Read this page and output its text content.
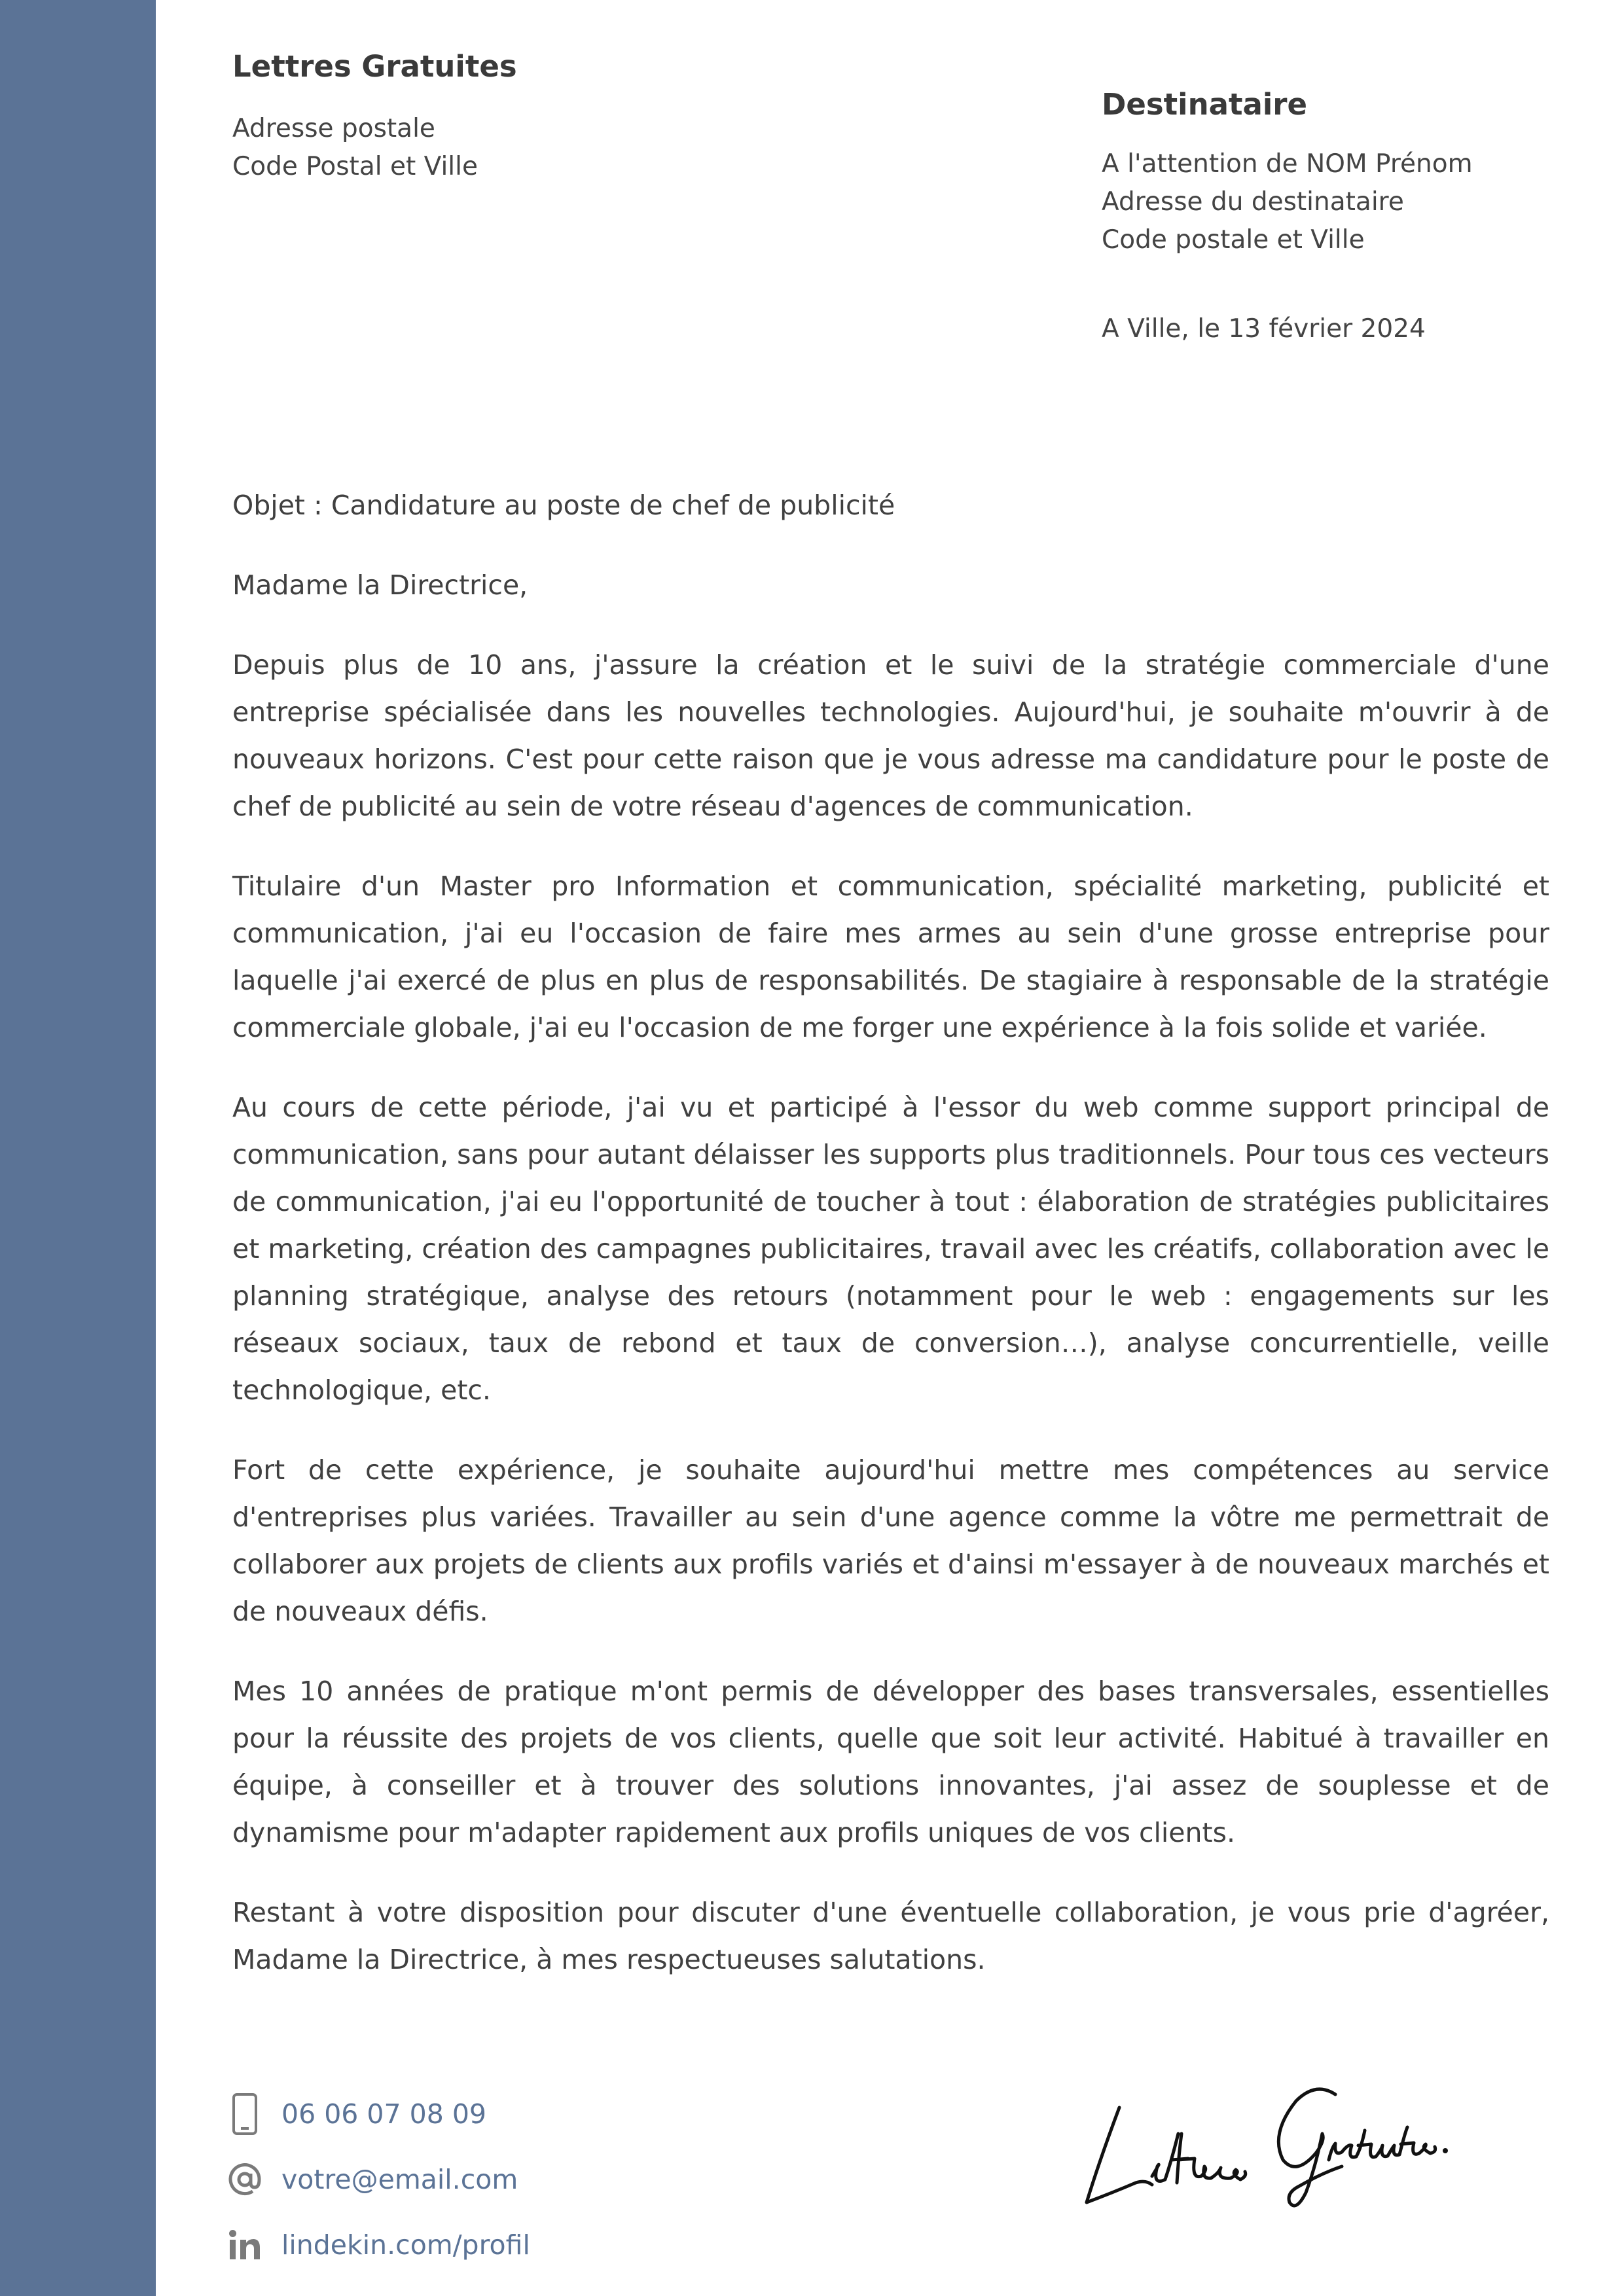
Lettres Gratuites
Adresse postale
Code Postal et Ville
Destinataire
A l'attention de NOM Prénom
Adresse du destinataire
Code postale et Ville
A Ville, le 13 février 2024

Objet : Candidature au poste de chef de publicité

Madame la Directrice,

Depuis plus de 10 ans, j'assure la création et le suivi de la stratégie commerciale d'une entreprise spécialisée dans les nouvelles technologies. Aujourd'hui, je souhaite m'ouvrir à de nouveaux horizons. C'est pour cette raison que je vous adresse ma candidature pour le poste de chef de publicité au sein de votre réseau d'agences de communication.

Titulaire d'un Master pro Information et communication, spécialité marketing, publicité et communication, j'ai eu l'occasion de faire mes armes au sein d'une grosse entreprise pour laquelle j'ai exercé de plus en plus de responsabilités. De stagiaire à responsable de la stratégie commerciale globale, j'ai eu l'occasion de me forger une expérience à la fois solide et variée.

Au cours de cette période, j'ai vu et participé à l'essor du web comme support principal de communication, sans pour autant délaisser les supports plus traditionnels. Pour tous ces vecteurs de communication, j'ai eu l'opportunité de toucher à tout : élaboration de stratégies publicitaires et marketing, création des campagnes publicitaires, travail avec les créatifs, collaboration avec le planning stratégique, analyse des retours (notamment pour le web : engagements sur les réseaux sociaux, taux de rebond et taux de conversion…), analyse concurrentielle, veille technologique, etc.

Fort de cette expérience, je souhaite aujourd'hui mettre mes compétences au service d'entreprises plus variées. Travailler au sein d'une agence comme la vôtre me permettrait de collaborer aux projets de clients aux profils variés et d'ainsi m'essayer à de nouveaux marchés et de nouveaux défis.

Mes 10 années de pratique m'ont permis de développer des bases transversales, essentielles pour la réussite des projets de vos clients, quelle que soit leur activité. Habitué à travailler en équipe, à conseiller et à trouver des solutions innovantes, j'ai assez de souplesse et de dynamisme pour m'adapter rapidement aux profils uniques de vos clients.

Restant à votre disposition pour discuter d'une éventuelle collaboration, je vous prie d'agréer, Madame la Directrice, à mes respectueuses salutations.

06 06 07 08 09
votre@email.com
lindekin.com/profil
